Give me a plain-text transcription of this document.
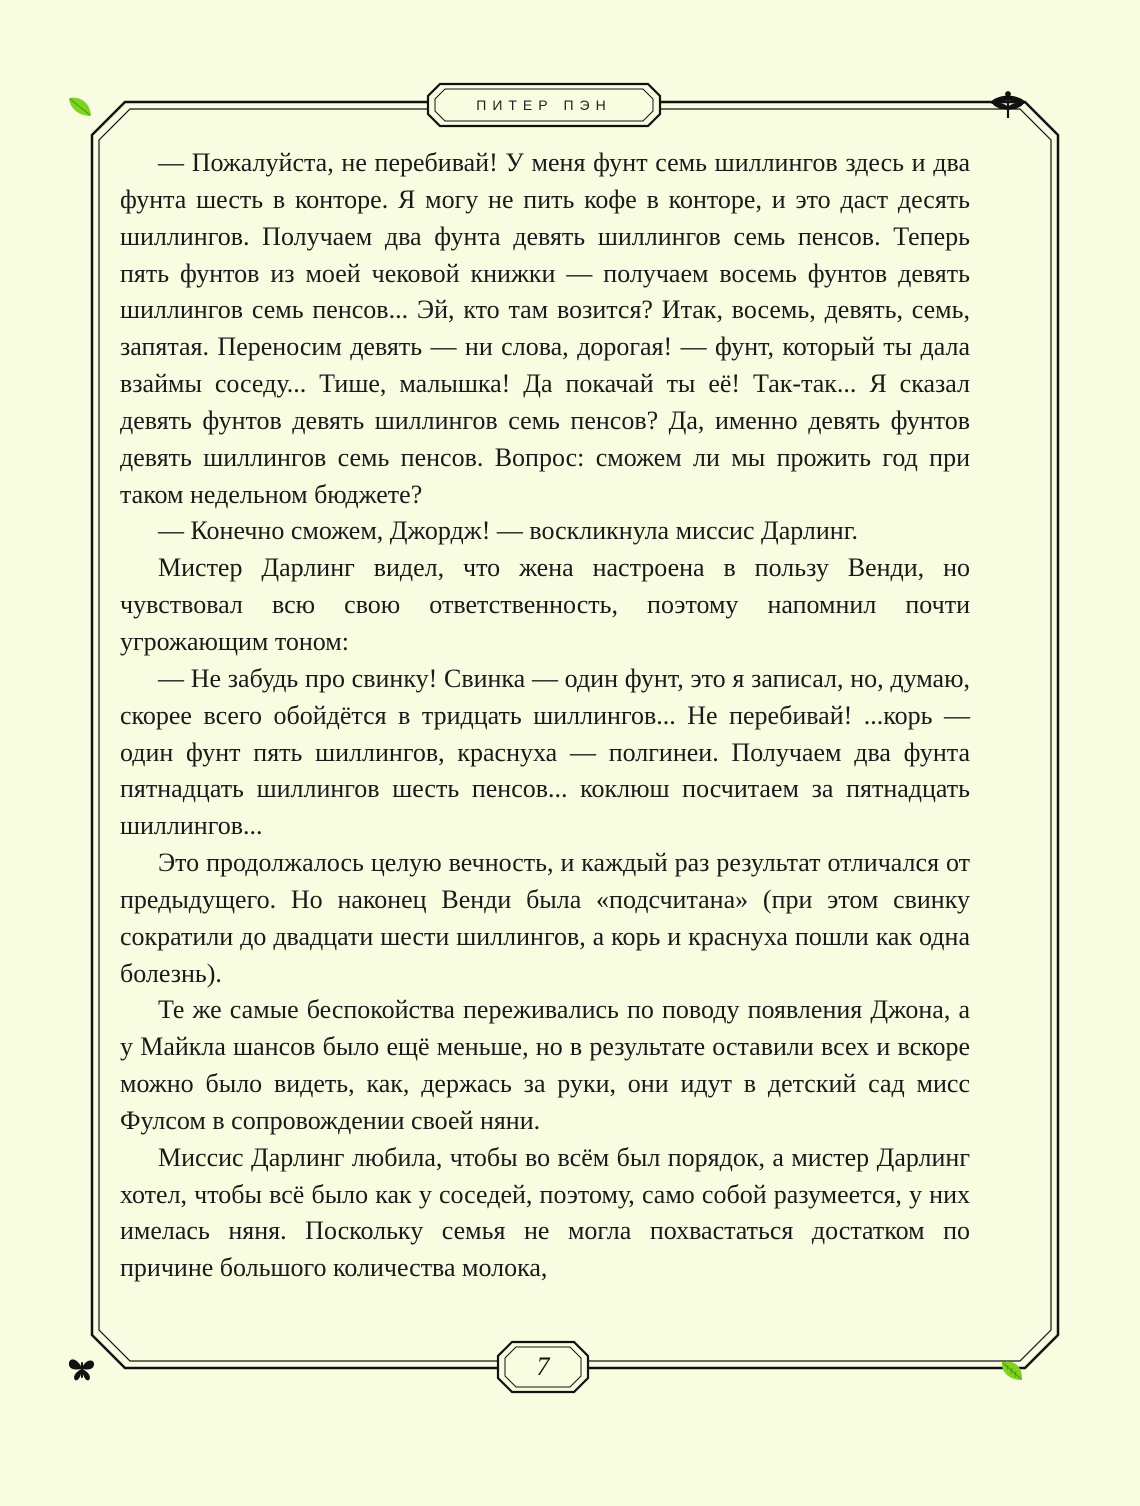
ПИТЕР ПЭН

— Пожалуйста, не перебивай! У меня фунт семь шиллингов здесь и два фунта шесть в конторе. Я могу не пить кофе в конторе, и это даст десять шиллингов. Получаем два фунта девять шиллингов семь пенсов. Теперь пять фунтов из моей чековой книжки — получаем восемь фунтов девять шиллингов семь пенсов... Эй, кто там возится? Итак, восемь, девять, семь, запятая. Переносим девять — ни слова, дорогая! — фунт, который ты дала взаймы соседу... Тише, малышка! Да покачай ты её! Так-так... Я сказал девять фунтов девять шиллингов семь пенсов? Да, именно девять фунтов девять шиллингов семь пенсов. Вопрос: сможем ли мы прожить год при таком недельном бюджете?

— Конечно сможем, Джордж! — воскликнула миссис Дарлинг.

Мистер Дарлинг видел, что жена настроена в пользу Венди, но чувствовал всю свою ответственность, поэтому напомнил почти угрожающим тоном:

— Не забудь про свинку! Свинка — один фунт, это я записал, но, думаю, скорее всего обойдётся в тридцать шиллингов... Не перебивай! ...корь — один фунт пять шиллингов, краснуха — полгинеи. Получаем два фунта пятнадцать шиллингов шесть пенсов... коклюш посчитаем за пятнадцать шиллингов...

Это продолжалось целую вечность, и каждый раз результат отличался от предыдущего. Но наконец Венди была «подсчитана» (при этом свинку сократили до двадцати шести шиллингов, а корь и краснуха пошли как одна болезнь).

Те же самые беспокойства переживались по поводу появления Джона, а у Майкла шансов было ещё меньше, но в результате оставили всех и вскоре можно было видеть, как, держась за руки, они идут в детский сад мисс Фулсом в сопровождении своей няни.

Миссис Дарлинг любила, чтобы во всём был порядок, а мистер Дарлинг хотел, чтобы всё было как у соседей, поэтому, само собой разумеется, у них имелась няня. Поскольку семья не могла похвастаться достатком по причине большого количества молока,

7
